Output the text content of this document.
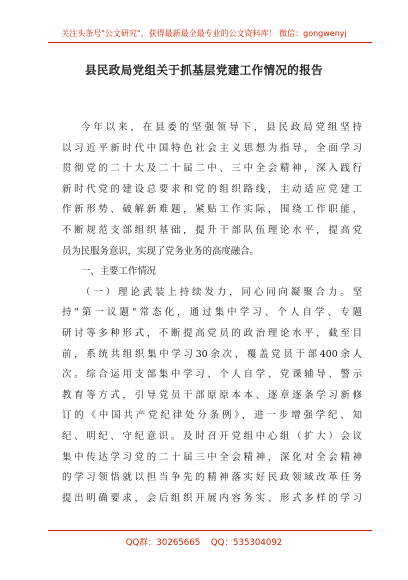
关注头条号"公文研究"，获得最新最全最专业的公文资料库！ 微信：gongwenyj
县民政局党组关于抓基层党建工作情况的报告
今年以来，在县委的坚强领导下，县民政局党组坚持
以习近平新时代中国特色社会主义思想为指导，全面学习
贯彻党的二十大及二十届二中、三中全会精神，深入践行
新时代党的建设总要求和党的组织路线，主动适应党建工
作新形势、破解新难题，紧贴工作实际，围绕工作职能，
不断规范支部组织基础，提升干部队伍理论水平，提高党
员为民服务意识，实现了党务业务的高度融合。
一、主要工作情况
（一）理论武装上持续发力，同心同向凝聚合力。坚
持"第一议题"常态化，通过集中学习、个人自学、专题
研讨等多种形式，不断提高党员的政治理论水平，截至目
前，系统共组织集中学习30余次，覆盖党员干部400余人
次。综合运用支部集中学习、个人自学、党课辅导、警示
教育等方式，引导党员干部原原本本、逐章逐条学习新修
订的《中国共产党纪律处分条例》，进一步增强学纪、知
纪、明纪、守纪意识。及时召开党组中心组（扩大）会议
集中传达学习党的二十届三中全会精神，深化对全会精神
的学习领悟就以担当争先的精神落实好民政领域改革任务
提出明确要求，会后组织开展内容务实、形式多样的学习
QQ群：30265665 QQ：535304092
